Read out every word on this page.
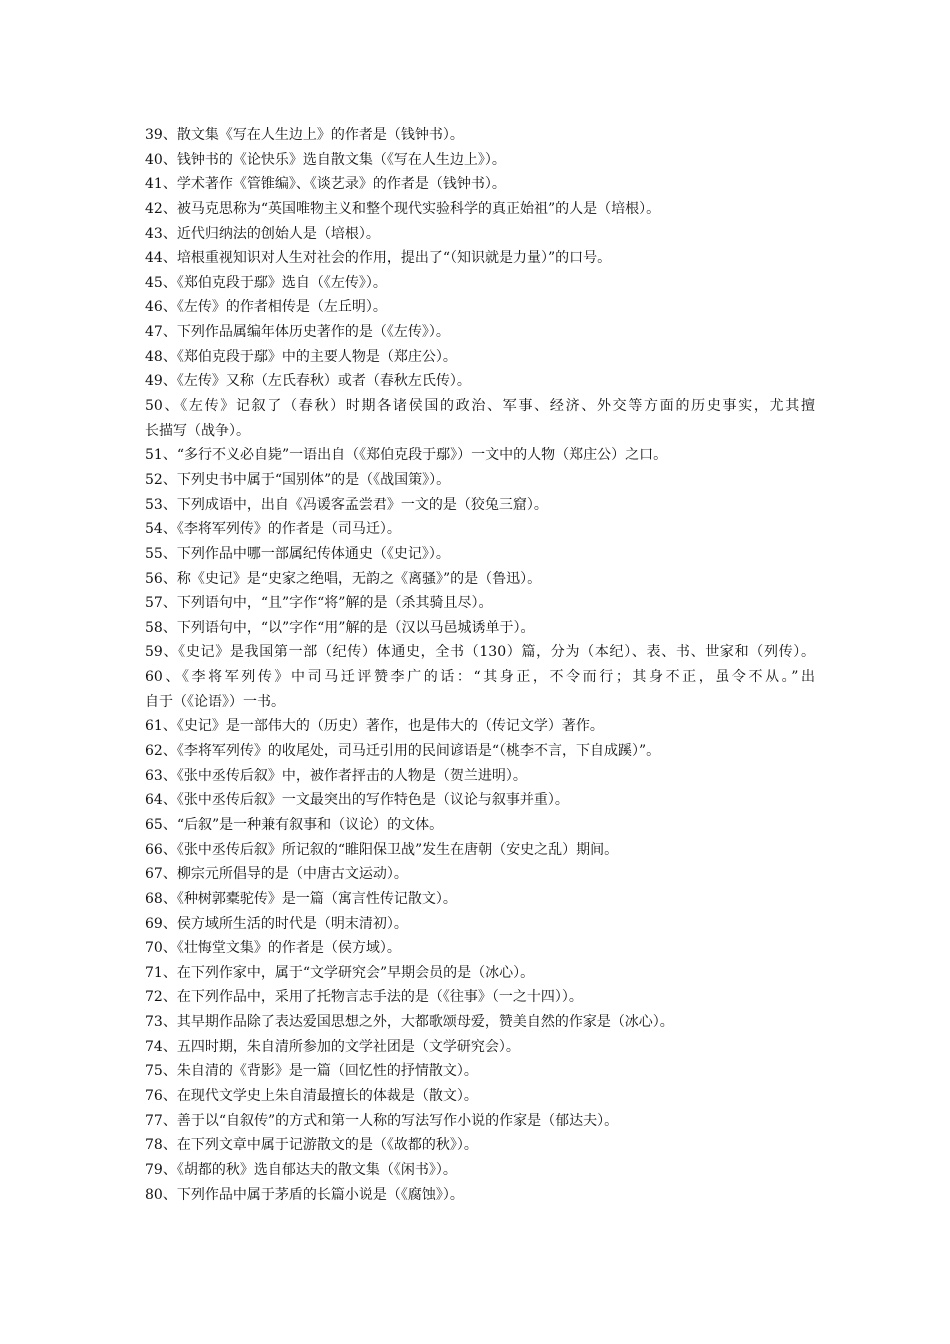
39、散文集《写在人生边上》的作者是（钱钟书）。
40、钱钟书的《论快乐》选自散文集（《写在人生边上》）。
41、学术著作《管锥编》、《谈艺录》的作者是（钱钟书）。
42、被马克思称为“英国唯物主义和整个现代实验科学的真正始祖”的人是（培根）。
43、近代归纳法的创始人是（培根）。
44、培根重视知识对人生对社会的作用，提出了“（知识就是力量）”的口号。
45、《郑伯克段于鄢》选自（《左传》）。
46、《左传》的作者相传是（左丘明）。
47、下列作品属编年体历史著作的是（《左传》）。
48、《郑伯克段于鄢》中的主要人物是（郑庄公）。
49、《左传》又称（左氏春秋）或者（春秋左氏传）。
50、《左传》记叙了（春秋）时期各诸侯国的政治、军事、经济、外交等方面的历史事实，尤其擅
长描写（战争）。
51、“多行不义必自毙”一语出自（《郑伯克段于鄢》）一文中的人物（郑庄公）之口。
52、下列史书中属于“国别体”的是（《战国策》）。
53、下列成语中，出自《冯谖客孟尝君》一文的是（狡兔三窟）。
54、《李将军列传》的作者是（司马迁）。
55、下列作品中哪一部属纪传体通史（《史记》）。
56、称《史记》是“史家之绝唱，无韵之《离骚》”的是（鲁迅）。
57、下列语句中，“且”字作“将”解的是（杀其骑且尽）。
58、下列语句中，“以”字作“用”解的是（汉以马邑城诱单于）。
59、《史记》是我国第一部（纪传）体通史，全书（130）篇，分为（本纪）、表、书、世家和（列传）。
60、《李将军列传》中司马迁评赞李广的话：“其身正，不令而行；其身不正，虽令不从。”出
自于（《论语》）一书。
61、《史记》是一部伟大的（历史）著作，也是伟大的（传记文学）著作。
62、《李将军列传》的收尾处，司马迁引用的民间谚语是“（桃李不言，下自成蹊）”。
63、《张中丞传后叙》中，被作者抨击的人物是（贺兰进明）。
64、《张中丞传后叙》一文最突出的写作特色是（议论与叙事并重）。
65、“后叙”是一种兼有叙事和（议论）的文体。
66、《张中丞传后叙》所记叙的“睢阳保卫战”发生在唐朝（安史之乱）期间。
67、柳宗元所倡导的是（中唐古文运动）。
68、《种树郭橐驼传》是一篇（寓言性传记散文）。
69、侯方域所生活的时代是（明末清初）。
70、《壮悔堂文集》的作者是（侯方域）。
71、在下列作家中，属于“文学研究会”早期会员的是（冰心）。
72、在下列作品中，采用了托物言志手法的是（《往事》（一之十四））。
73、其早期作品除了表达爱国思想之外，大都歌颂母爱，赞美自然的作家是（冰心）。
74、五四时期，朱自清所参加的文学社团是（文学研究会）。
75、朱自清的《背影》是一篇（回忆性的抒情散文）。
76、在现代文学史上朱自清最擅长的体裁是（散文）。
77、善于以“自叙传”的方式和第一人称的写法写作小说的作家是（郁达夫）。
78、在下列文章中属于记游散文的是（《故都的秋》）。
79、《胡都的秋》选自郁达夫的散文集（《闲书》）。
80、下列作品中属于茅盾的长篇小说是（《腐蚀》）。
